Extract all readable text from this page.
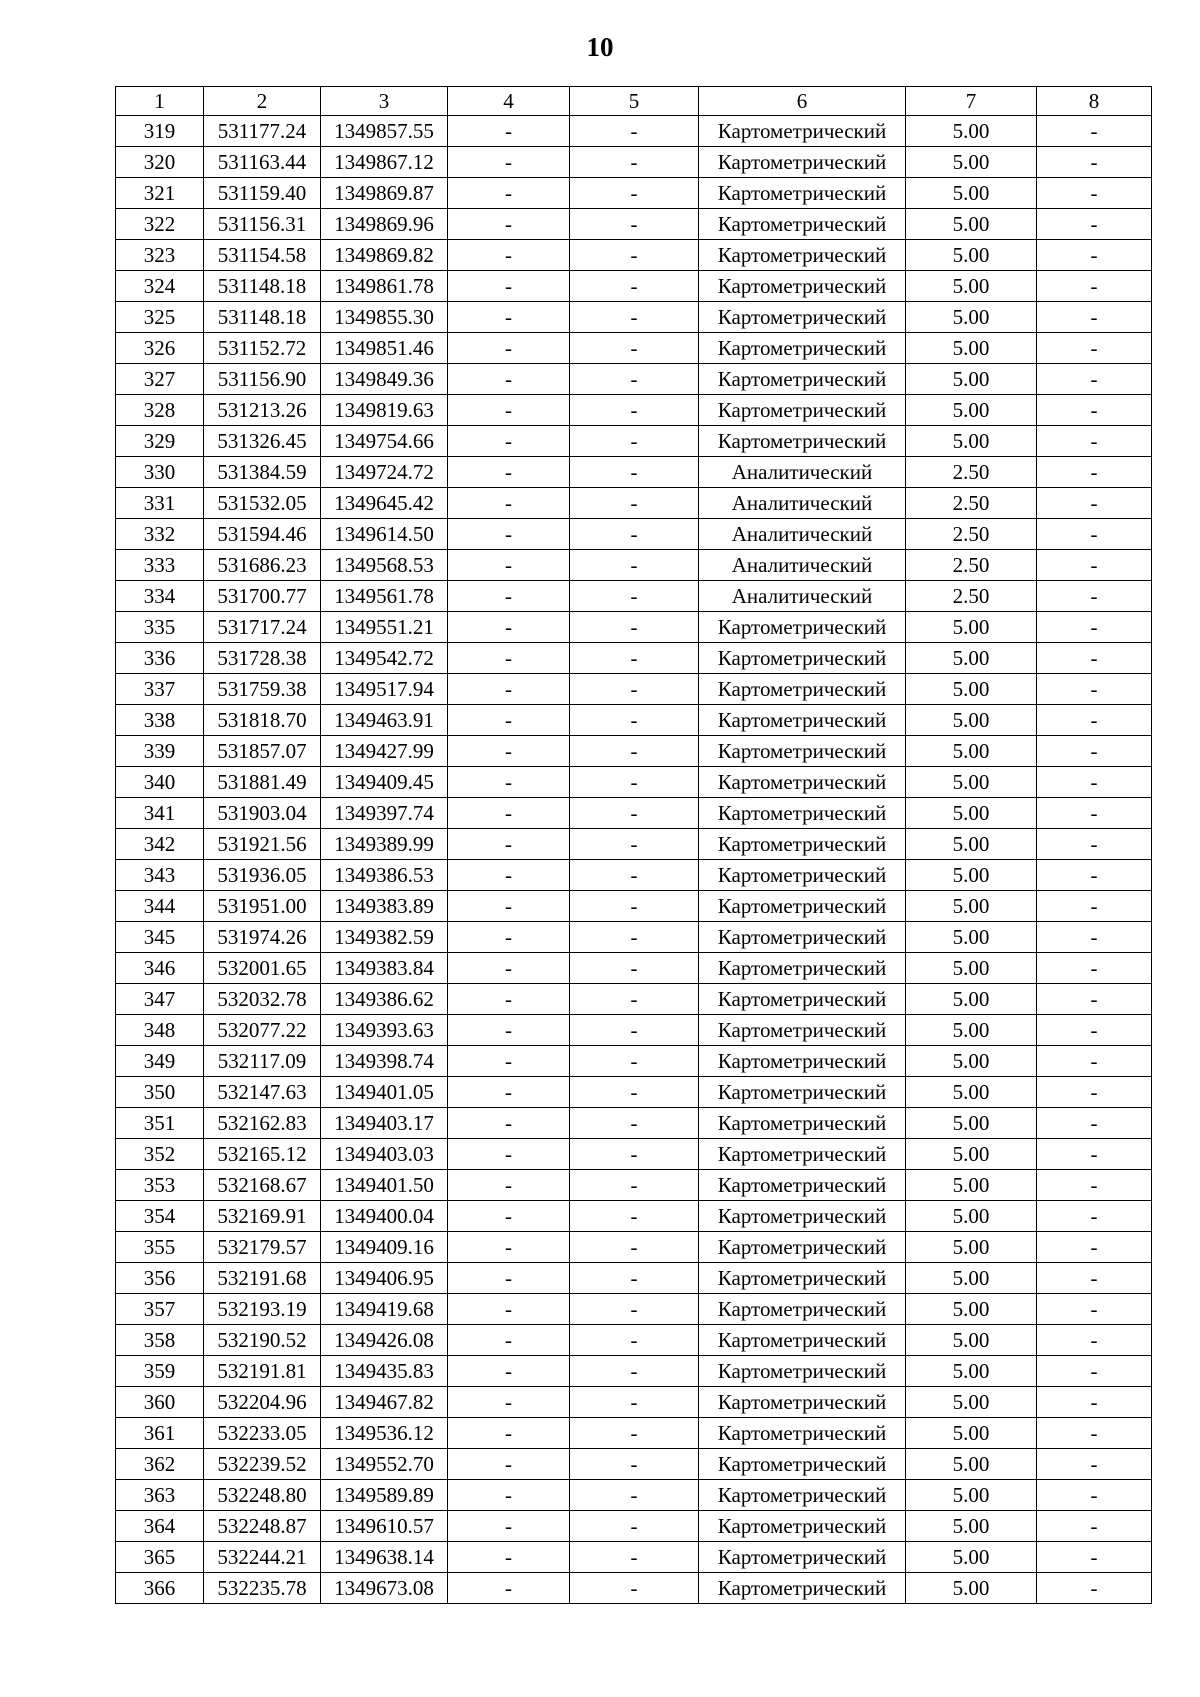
10
1	2	3	4	5	6	7	8
319	531177.24	1349857.55	-	-	Картометрический	5.00	-
320	531163.44	1349867.12	-	-	Картометрический	5.00	-
321	531159.40	1349869.87	-	-	Картометрический	5.00	-
322	531156.31	1349869.96	-	-	Картометрический	5.00	-
323	531154.58	1349869.82	-	-	Картометрический	5.00	-
324	531148.18	1349861.78	-	-	Картометрический	5.00	-
325	531148.18	1349855.30	-	-	Картометрический	5.00	-
326	531152.72	1349851.46	-	-	Картометрический	5.00	-
327	531156.90	1349849.36	-	-	Картометрический	5.00	-
328	531213.26	1349819.63	-	-	Картометрический	5.00	-
329	531326.45	1349754.66	-	-	Картометрический	5.00	-
330	531384.59	1349724.72	-	-	Аналитический	2.50	-
331	531532.05	1349645.42	-	-	Аналитический	2.50	-
332	531594.46	1349614.50	-	-	Аналитический	2.50	-
333	531686.23	1349568.53	-	-	Аналитический	2.50	-
334	531700.77	1349561.78	-	-	Аналитический	2.50	-
335	531717.24	1349551.21	-	-	Картометрический	5.00	-
336	531728.38	1349542.72	-	-	Картометрический	5.00	-
337	531759.38	1349517.94	-	-	Картометрический	5.00	-
338	531818.70	1349463.91	-	-	Картометрический	5.00	-
339	531857.07	1349427.99	-	-	Картометрический	5.00	-
340	531881.49	1349409.45	-	-	Картометрический	5.00	-
341	531903.04	1349397.74	-	-	Картометрический	5.00	-
342	531921.56	1349389.99	-	-	Картометрический	5.00	-
343	531936.05	1349386.53	-	-	Картометрический	5.00	-
344	531951.00	1349383.89	-	-	Картометрический	5.00	-
345	531974.26	1349382.59	-	-	Картометрический	5.00	-
346	532001.65	1349383.84	-	-	Картометрический	5.00	-
347	532032.78	1349386.62	-	-	Картометрический	5.00	-
348	532077.22	1349393.63	-	-	Картометрический	5.00	-
349	532117.09	1349398.74	-	-	Картометрический	5.00	-
350	532147.63	1349401.05	-	-	Картометрический	5.00	-
351	532162.83	1349403.17	-	-	Картометрический	5.00	-
352	532165.12	1349403.03	-	-	Картометрический	5.00	-
353	532168.67	1349401.50	-	-	Картометрический	5.00	-
354	532169.91	1349400.04	-	-	Картометрический	5.00	-
355	532179.57	1349409.16	-	-	Картометрический	5.00	-
356	532191.68	1349406.95	-	-	Картометрический	5.00	-
357	532193.19	1349419.68	-	-	Картометрический	5.00	-
358	532190.52	1349426.08	-	-	Картометрический	5.00	-
359	532191.81	1349435.83	-	-	Картометрический	5.00	-
360	532204.96	1349467.82	-	-	Картометрический	5.00	-
361	532233.05	1349536.12	-	-	Картометрический	5.00	-
362	532239.52	1349552.70	-	-	Картометрический	5.00	-
363	532248.80	1349589.89	-	-	Картометрический	5.00	-
364	532248.87	1349610.57	-	-	Картометрический	5.00	-
365	532244.21	1349638.14	-	-	Картометрический	5.00	-
366	532235.78	1349673.08	-	-	Картометрический	5.00	-
